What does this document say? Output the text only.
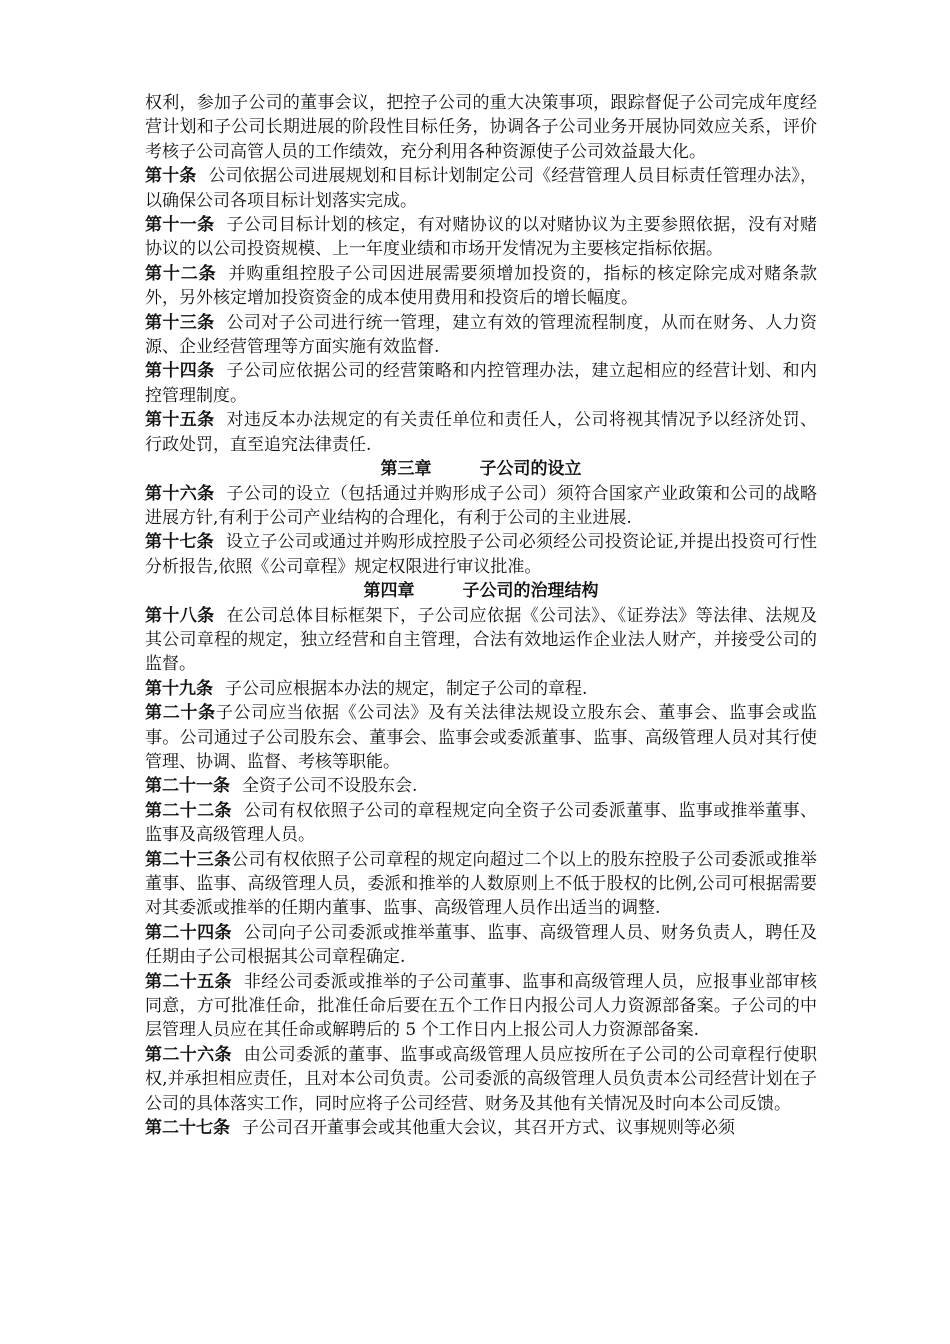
权利，参加子公司的董事会议，把控子公司的重大决策事项，跟踪督促子公司完成年度经营计划和子公司长期进展的阶段性目标任务，协调各子公司业务开展协同效应关系，评价考核子公司高管人员的工作绩效，充分利用各种资源使子公司效益最大化。

第十条 公司依据公司进展规划和目标计划制定公司《经营管理人员目标责任管理办法》，以确保公司各项目标计划落实完成。

第十一条 子公司目标计划的核定，有对赌协议的以对赌协议为主要参照依据，没有对赌协议的以公司投资规模、上一年度业绩和市场开发情况为主要核定指标依据。

第十二条 并购重组控股子公司因进展需要须增加投资的，指标的核定除完成对赌条款外，另外核定增加投资资金的成本使用费用和投资后的增长幅度。

第十三条 公司对子公司进行统一管理，建立有效的管理流程制度，从而在财务、人力资源、企业经营管理等方面实施有效监督.

第十四条 子公司应依据公司的经营策略和内控管理办法，建立起相应的经营计划、和内控管理制度。

第十五条 对违反本办法规定的有关责任单位和责任人，公司将视其情况予以经济处罚、行政处罚，直至追究法律责任.

第三章	子公司的设立

第十六条 子公司的设立（包括通过并购形成子公司）须符合国家产业政策和公司的战略进展方针,有利于公司产业结构的合理化，有利于公司的主业进展.

第十七条 设立子公司或通过并购形成控股子公司必须经公司投资论证,并提出投资可行性分析报告,依照《公司章程》规定权限进行审议批准。

第四章	子公司的治理结构

第十八条 在公司总体目标框架下，子公司应依据《公司法》、《证券法》等法律、法规及其公司章程的规定，独立经营和自主管理，合法有效地运作企业法人财产，并接受公司的监督。

第十九条 子公司应根据本办法的规定，制定子公司的章程.

第二十条子公司应当依据《公司法》及有关法律法规设立股东会、董事会、监事会或监事。公司通过子公司股东会、董事会、监事会或委派董事、监事、高级管理人员对其行使管理、协调、监督、考核等职能。

第二十一条 全资子公司不设股东会.

第二十二条 公司有权依照子公司的章程规定向全资子公司委派董事、监事或推举董事、监事及高级管理人员。

第二十三条公司有权依照子公司章程的规定向超过二个以上的股东控股子公司委派或推举董事、监事、高级管理人员，委派和推举的人数原则上不低于股权的比例,公司可根据需要对其委派或推举的任期内董事、监事、高级管理人员作出适当的调整.

第二十四条 公司向子公司委派或推举董事、监事、高级管理人员、财务负责人，聘任及任期由子公司根据其公司章程确定.

第二十五条 非经公司委派或推举的子公司董事、监事和高级管理人员，应报事业部审核同意，方可批准任命，批准任命后要在五个工作日内报公司人力资源部备案。子公司的中层管理人员应在其任命或解聘后的 5 个工作日内上报公司人力资源部备案.

第二十六条 由公司委派的董事、监事或高级管理人员应按所在子公司的公司章程行使职权,并承担相应责任，且对本公司负责。公司委派的高级管理人员负责本公司经营计划在子公司的具体落实工作，同时应将子公司经营、财务及其他有关情况及时向本公司反馈。

第二十七条 子公司召开董事会或其他重大会议，其召开方式、议事规则等必须
